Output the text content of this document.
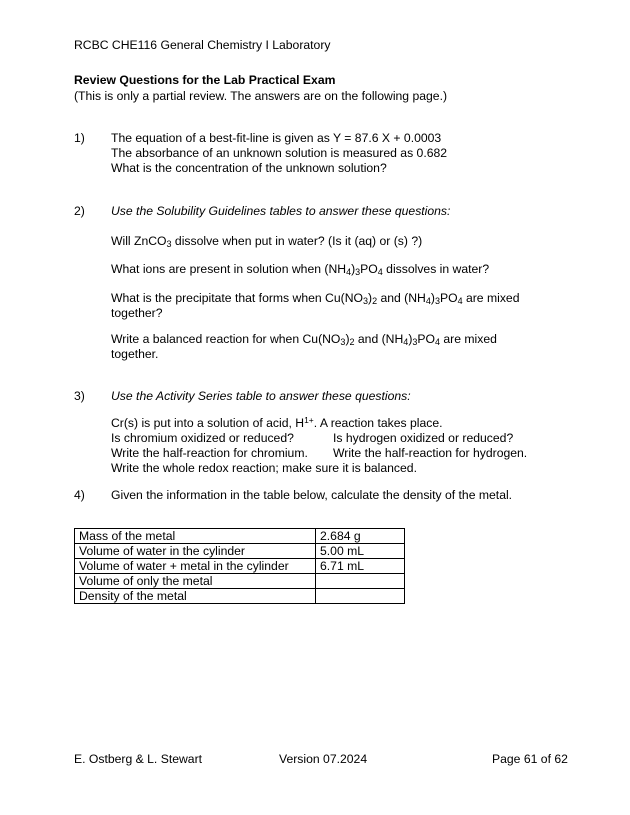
RCBC CHE116 General Chemistry I Laboratory
Review Questions for the Lab Practical Exam
(This is only a partial review. The answers are on the following page.)
1) The equation of a best-fit-line is given as Y = 87.6 X + 0.0003
The absorbance of an unknown solution is measured as 0.682
What is the concentration of the unknown solution?
2) Use the Solubility Guidelines tables to answer these questions:
Will ZnCO$_3$ dissolve when put in water? (Is it (aq) or (s) ?)
What ions are present in solution when $(NH_4)_3PO_4$ dissolves in water?
What is the precipitate that forms when $Cu(NO_3)_2$ and $(NH_4)_3PO_4$ are mixed
together?
Write a balanced reaction for when $Cu(NO_3)_2$ and $(NH_4)_3PO_4$ are mixed
together.
3) Use the Activity Series table to answer these questions:
Cr(s) is put into a solution of acid, $H^{1+}$. A reaction takes place.
Is chromium oxidized or reduced?	Is hydrogen oxidized or reduced?
Write the half-reaction for chromium. Write the half-reaction for hydrogen.
Write the whole redox reaction; make sure it is balanced.
4) Given the information in the table below, calculate the density of the metal.
Mass of the metal	2.684 g
Volume of water in the cylinder	5.00 mL
Volume of water + metal in the cylinder	6.71 mL
Volume of only the metal	
Density of the metal	
E. Ostberg & L. Stewart	Version 07.2024	Page 61 of 62
